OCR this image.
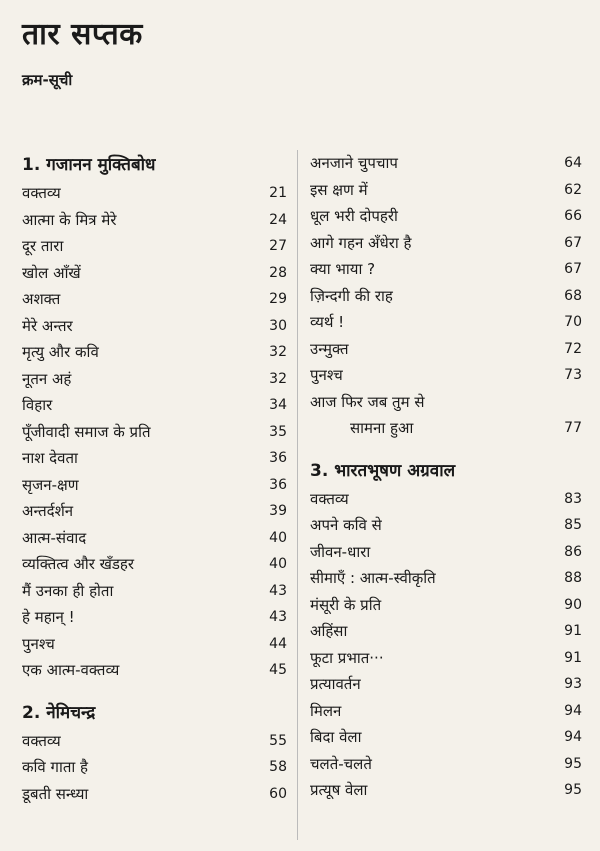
तार सप्तक
क्रम-सूची
1. गजानन मुक्तिबोध
वक्तव्य	21
आत्मा के मित्र मेरे	24
दूर तारा	27
खोल आँखें	28
अशक्त	29
मेरे अन्तर	30
मृत्यु और कवि	32
नूतन अहं	32
विहार	34
पूँजीवादी समाज के प्रति	35
नाश देवता	36
सृजन-क्षण	36
अन्तर्दर्शन	39
आत्म-संवाद	40
व्यक्तित्व और खँडहर	40
मैं उनका ही होता	43
हे महान् !	43
पुनश्च	44
एक आत्म-वक्तव्य	45
2. नेमिचन्द्र
वक्तव्य	55
कवि गाता है	58
डूबती सन्ध्या	60
अनजाने चुपचाप	64
इस क्षण में	62
धूल भरी दोपहरी	66
आगे गहन अँधेरा है	67
क्या भाया ?	67
ज़िन्दगी की राह	68
व्यर्थ !	70
उन्मुक्त	72
पुनश्च	73
आज फिर जब तुम से
सामना हुआ	77
3. भारतभूषण अग्रवाल
वक्तव्य	83
अपने कवि से	85
जीवन-धारा	86
सीमाएँ : आत्म-स्वीकृति	88
मंसूरी के प्रति	90
अहिंसा	91
फूटा प्रभात···	91
प्रत्यावर्तन	93
मिलन	94
बिदा वेला	94
चलते-चलते	95
प्रत्यूष वेला	95
